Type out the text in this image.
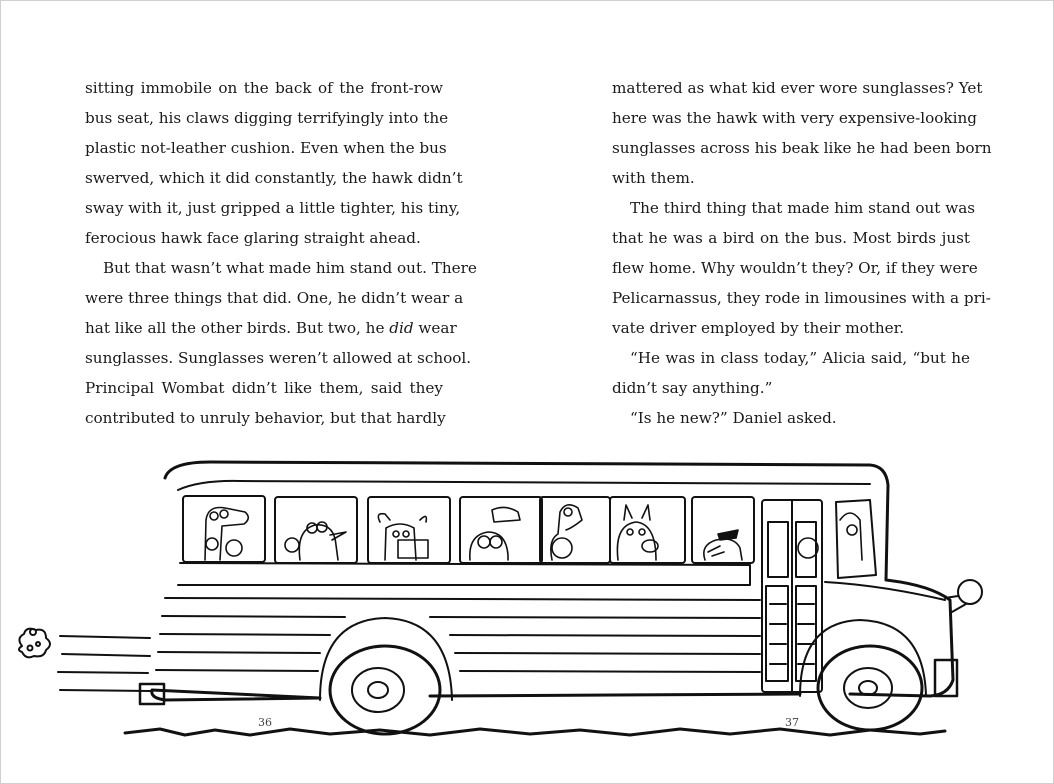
sitting immobile on the back of the front-row
bus seat, his claws digging terrifyingly into the
plastic not-leather cushion. Even when the bus
swerved, which it did constantly, the hawk didn’t
sway with it, just gripped a little tighter, his tiny,
ferocious hawk face glaring straight ahead.
But that wasn’t what made him stand out. There
were three things that did. One, he didn’t wear a
hat like all the other birds. But two, he did wear
sunglasses. Sunglasses weren’t allowed at school.
Principal Wombat didn’t like them, said they
contributed to unruly behavior, but that hardly
mattered as what kid ever wore sunglasses? Yet
here was the hawk with very expensive-looking
sunglasses across his beak like he had been born
with them.
The third thing that made him stand out was
that he was a bird on the bus. Most birds just
flew home. Why wouldn’t they? Or, if they were
Pelicarnassus, they rode in limousines with a pri-
vate driver employed by their mother.
“He was in class today,” Alicia said, “but he
didn’t say anything.”
“Is he new?” Daniel asked.
36	37
